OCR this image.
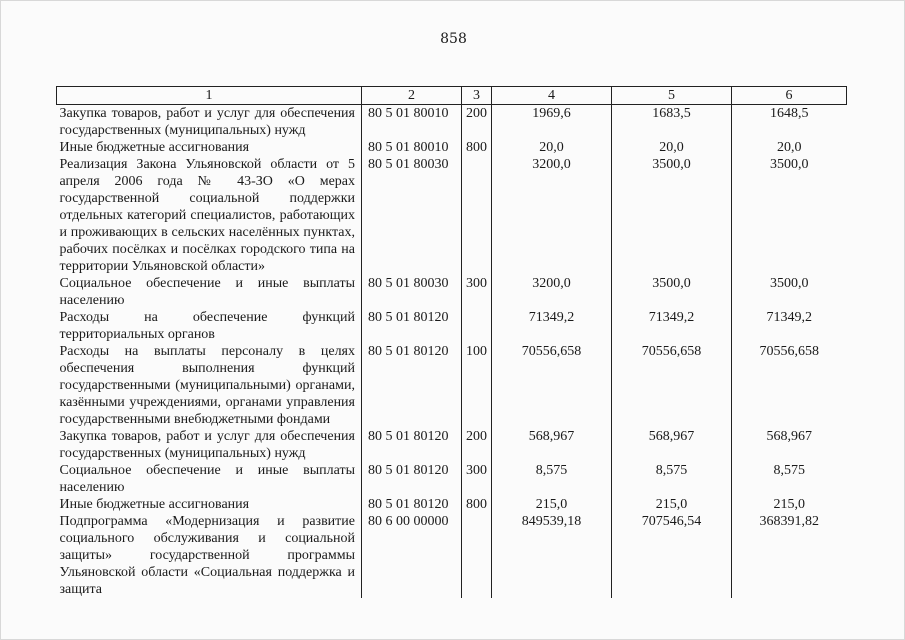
858
1	2	3	4	5	6
Закупка товаров, работ и услуг для обеспечения государственных (муниципальных) нужд	80 5 01 80010	200	1969,6	1683,5	1648,5
Иные бюджетные ассигнования	80 5 01 80010	800	20,0	20,0	20,0
Реализация Закона Ульяновской области от 5 апреля 2006 года № 43-ЗО «О мерах государственной социальной поддержки отдельных категорий специалистов, работающих и проживающих в сельских населённых пунктах, рабочих посёлках и посёлках городского типа на территории Ульяновской области»	80 5 01 80030		3200,0	3500,0	3500,0
Социальное обеспечение и иные выплаты населению	80 5 01 80030	300	3200,0	3500,0	3500,0
Расходы на обеспечение функций территориальных органов	80 5 01 80120		71349,2	71349,2	71349,2
Расходы на выплаты персоналу в целях обеспечения выполнения функций государственными (муниципальными) органами, казёнными учреждениями, органами управления государственными внебюджетными фондами	80 5 01 80120	100	70556,658	70556,658	70556,658
Закупка товаров, работ и услуг для обеспечения государственных (муниципальных) нужд	80 5 01 80120	200	568,967	568,967	568,967
Социальное обеспечение и иные выплаты населению	80 5 01 80120	300	8,575	8,575	8,575
Иные бюджетные ассигнования	80 5 01 80120	800	215,0	215,0	215,0
Подпрограмма «Модернизация и развитие социального обслуживания и социальной защиты» государственной программы Ульяновской области «Социальная поддержка и защита	80 6 00 00000		849539,18	707546,54	368391,82
